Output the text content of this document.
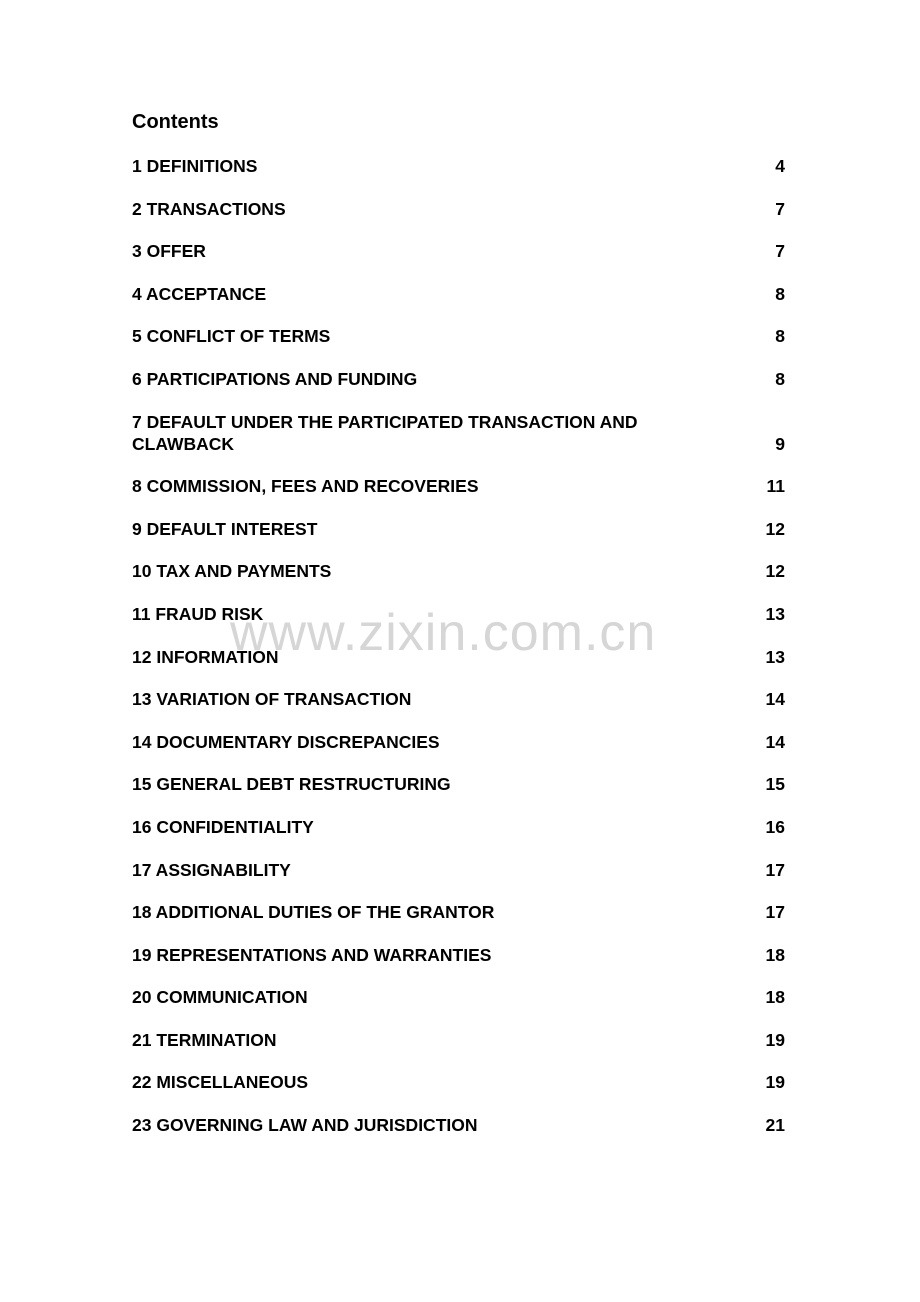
Contents
1 DEFINITIONS	4
2 TRANSACTIONS	7
3 OFFER	7
4 ACCEPTANCE	8
5 CONFLICT OF TERMS	8
6 PARTICIPATIONS AND FUNDING	8
7 DEFAULT UNDER THE PARTICIPATED TRANSACTION AND CLAWBACK	9
8 COMMISSION, FEES AND RECOVERIES	11
9 DEFAULT INTEREST	12
10 TAX AND PAYMENTS	12
11 FRAUD RISK	13
12 INFORMATION	13
13 VARIATION OF TRANSACTION	14
14 DOCUMENTARY DISCREPANCIES	14
15 GENERAL DEBT RESTRUCTURING	15
16 CONFIDENTIALITY	16
17 ASSIGNABILITY	17
18 ADDITIONAL DUTIES OF THE GRANTOR	17
19 REPRESENTATIONS AND WARRANTIES	18
20 COMMUNICATION	18
21 TERMINATION	19
22 MISCELLANEOUS	19
23 GOVERNING LAW AND JURISDICTION	21
www.zixin.com.cn
